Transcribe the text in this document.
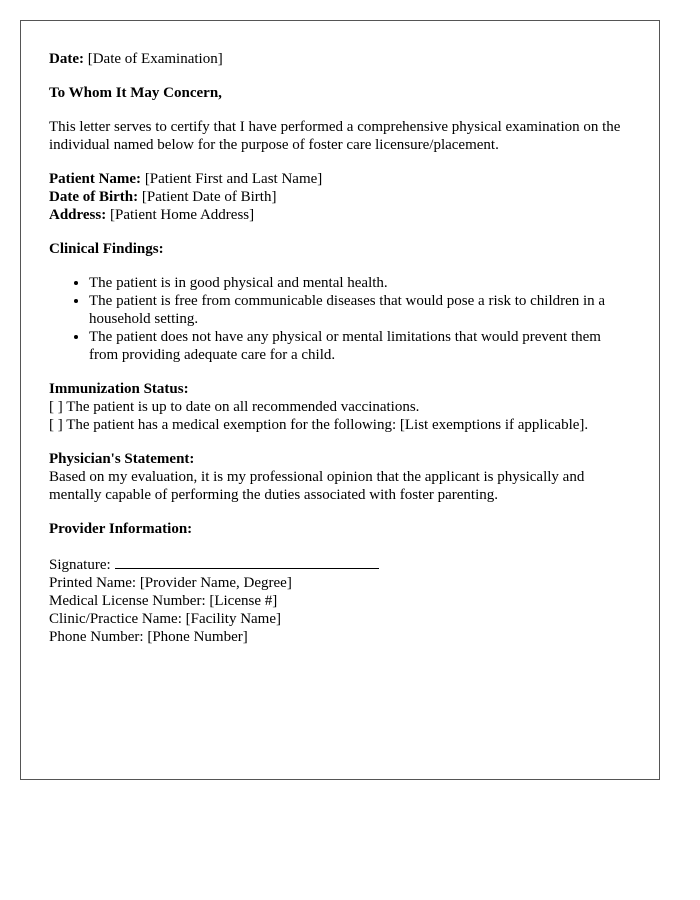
Date: [Date of Examination]

To Whom It May Concern,

This letter serves to certify that I have performed a comprehensive physical examination on the individual named below for the purpose of foster care licensure/placement.

Patient Name: [Patient First and Last Name]
Date of Birth: [Patient Date of Birth]
Address: [Patient Home Address]

Clinical Findings:

• The patient is in good physical and mental health.
• The patient is free from communicable diseases that would pose a risk to children in a household setting.
• The patient does not have any physical or mental limitations that would prevent them from providing adequate care for a child.
Immunization Status:
[ ] The patient is up to date on all recommended vaccinations.
[ ] The patient has a medical exemption for the following: [List exemptions if applicable].
Physician's Statement:
Based on my evaluation, it is my professional opinion that the applicant is physically and mentally capable of performing the duties associated with foster parenting.

Provider Information:

Signature:
Printed Name: [Provider Name, Degree]
Medical License Number: [License #]
Clinic/Practice Name: [Facility Name]
Phone Number: [Phone Number]
